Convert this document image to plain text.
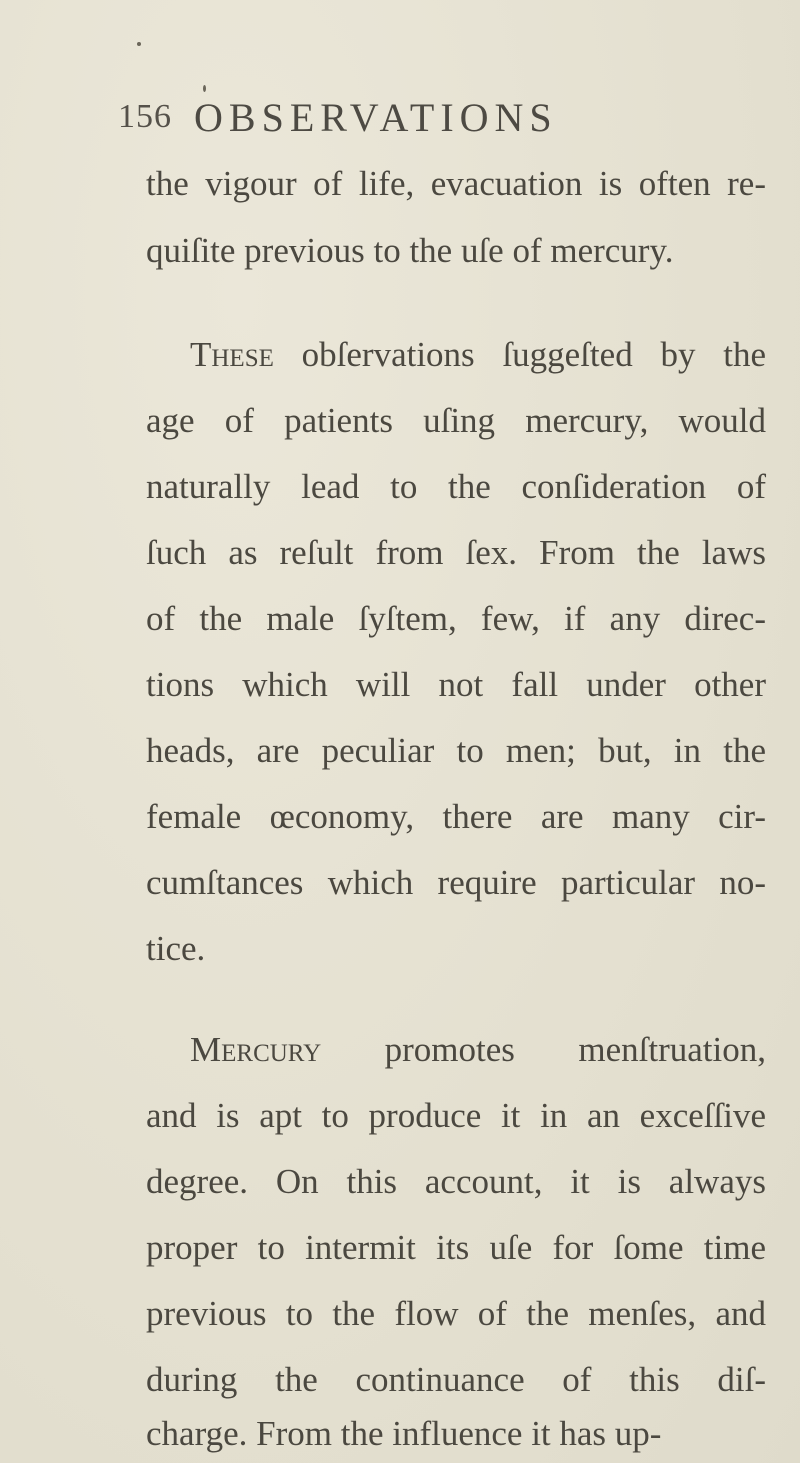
156 OBSERVATIONS
the vigour of life, evacuation is often re-
quiſite previous to the uſe of mercury.
These obſervations ſuggeſted by the
age of patients uſing mercury, would
naturally lead to the conſideration of
ſuch as reſult from ſex. From the laws
of the male ſyſtem, few, if any direc-
tions which will not fall under other
heads, are peculiar to men; but, in the
female œconomy, there are many cir-
cumſtances which require particular no-
tice.
Mercury promotes menſtruation,
and is apt to produce it in an exceſſive
degree. On this account, it is always
proper to intermit its uſe for ſome time
previous to the flow of the menſes, and
during the continuance of this diſ-
charge. From the influence it has up-
